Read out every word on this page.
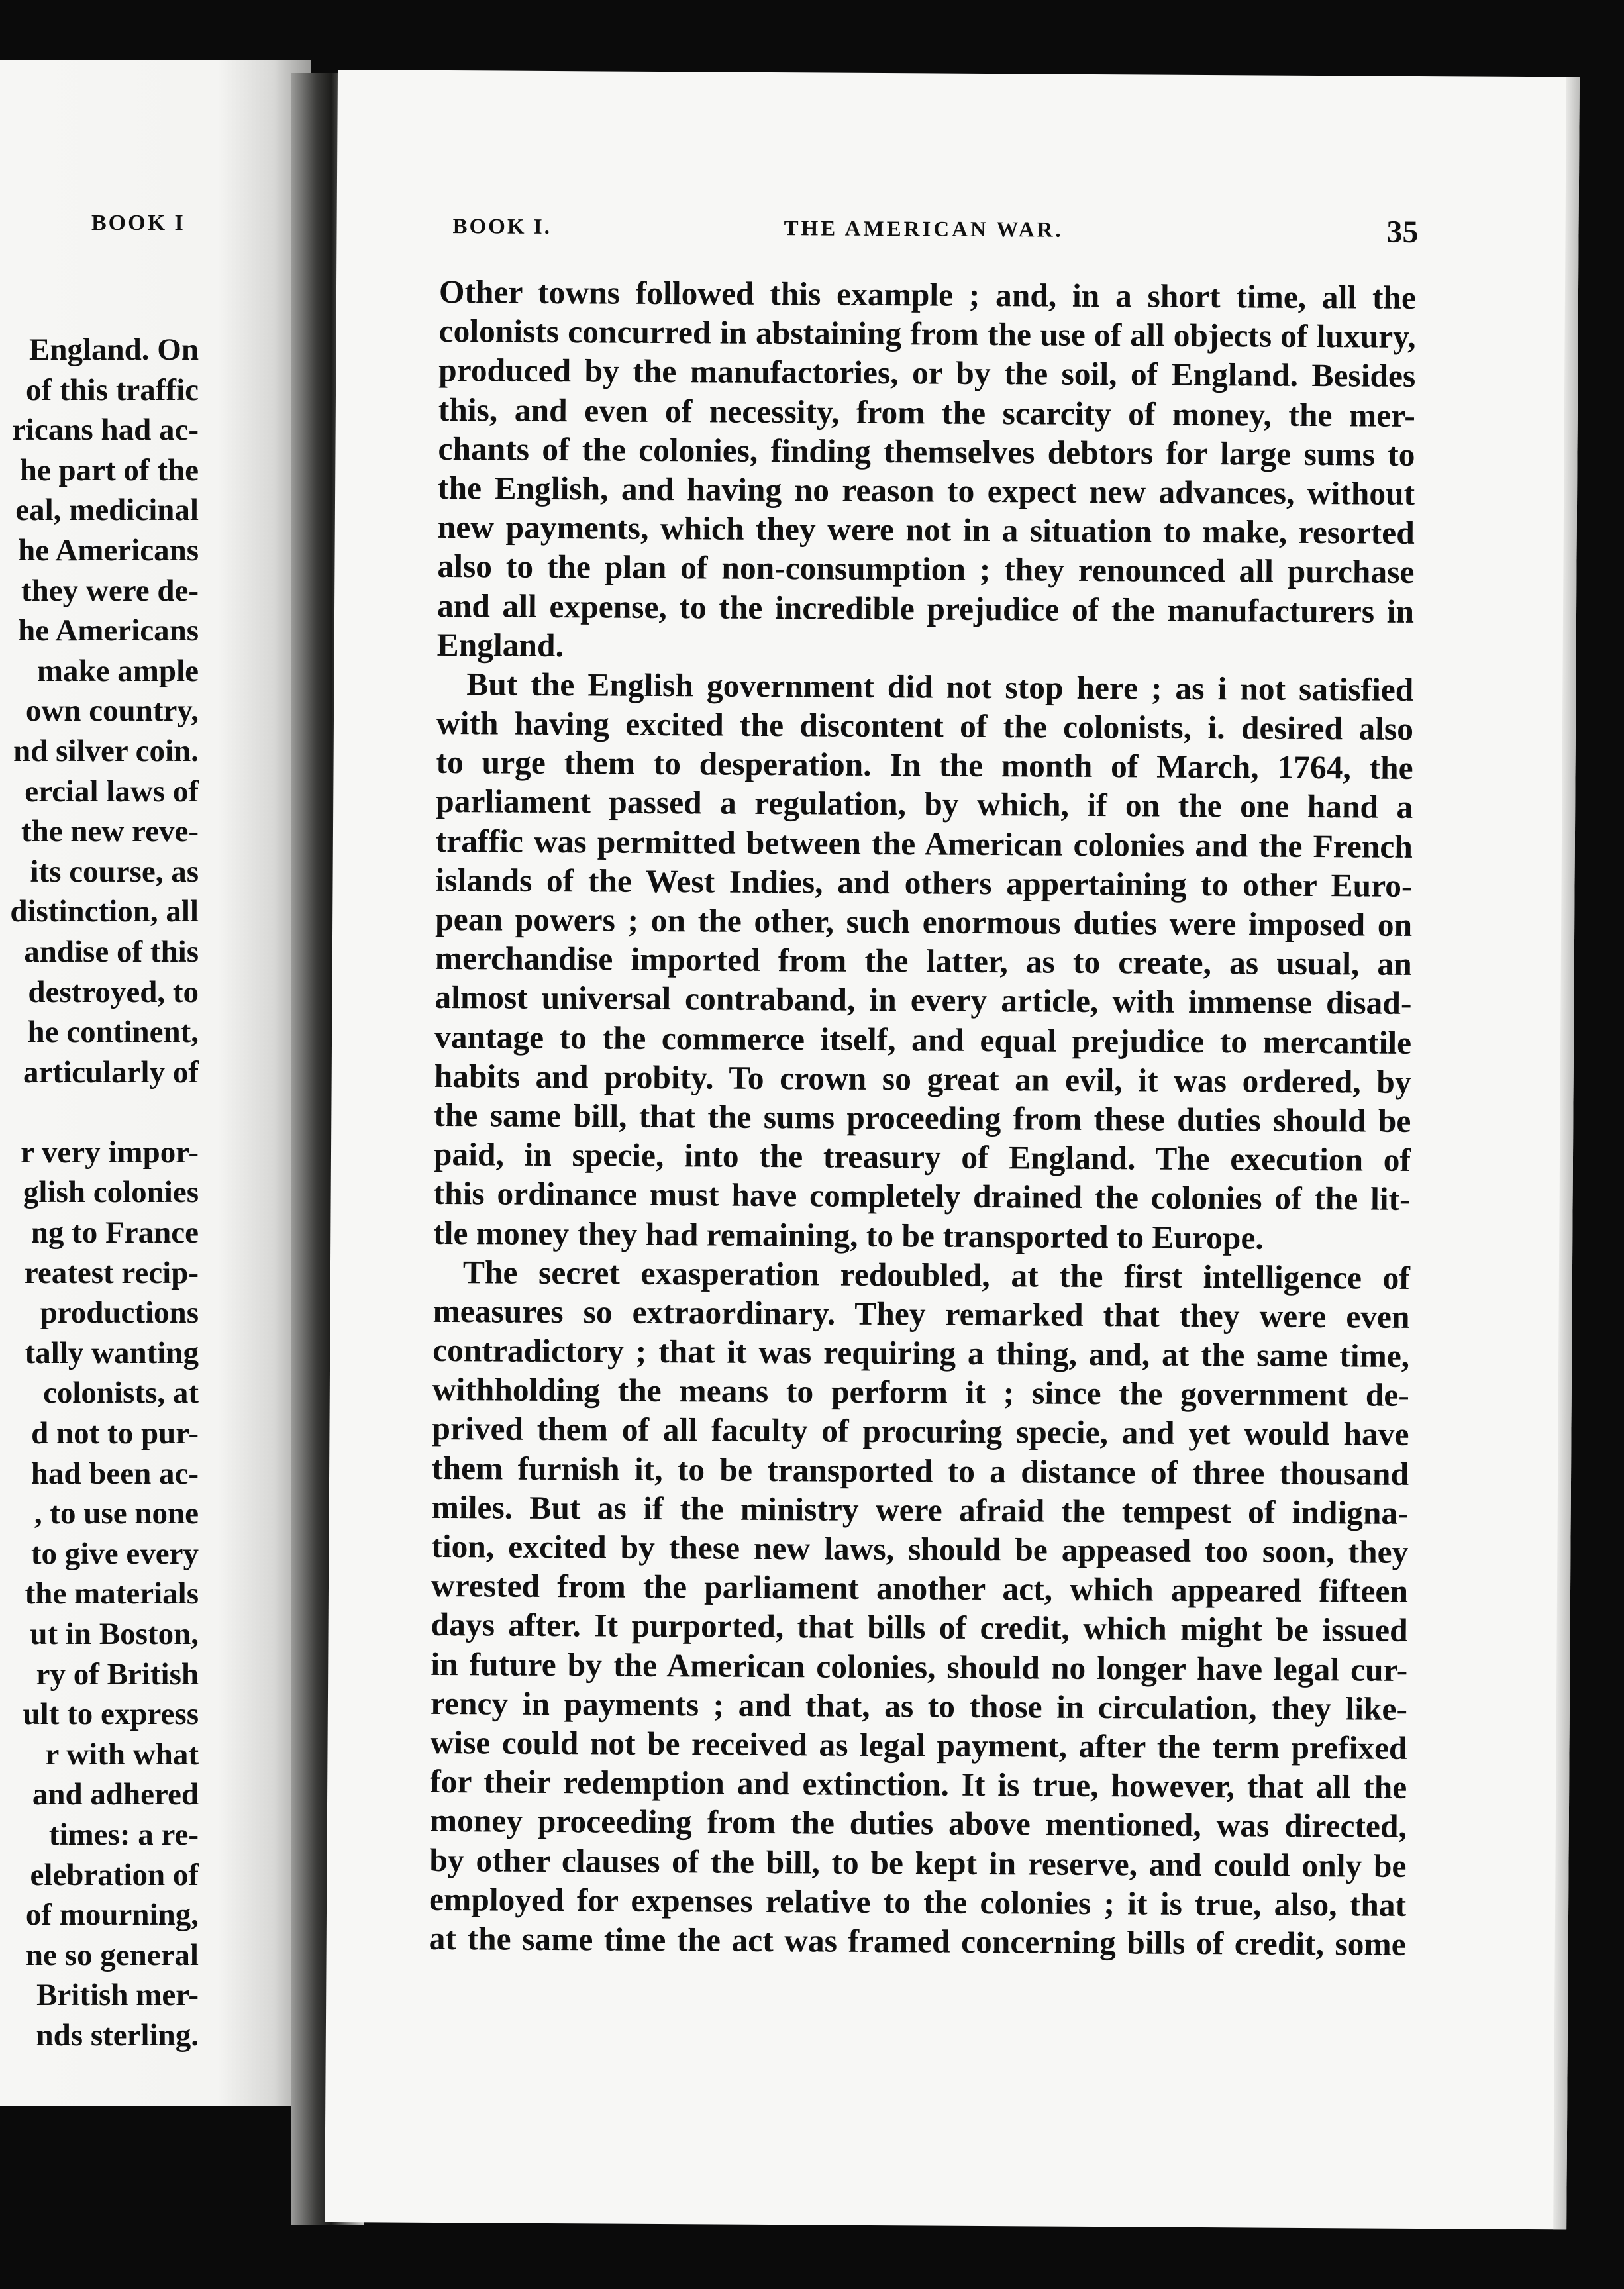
BOOK I
England. On
of this traffic
ricans had ac-
he part of the
eal, medicinal
he Americans
they were de-
he Americans
make ample
own country,
nd silver coin.
ercial laws of
the new reve-
its course, as
distinction, all
andise of this
destroyed, to
he continent,
articularly of
r very impor-
glish colonies
ng to France
reatest recip-
productions
tally wanting
colonists, at
d not to pur-
had been ac-
, to use none
to give every
the materials
ut in Boston,
ry of British
ult to express
r with what
and adhered
times: a re-
elebration of
of mourning,
ne so general
British mer-
nds sterling.
BOOK I.	THE AMERICAN WAR.	35
Other towns followed this example ; and, in a short time, all the
colonists concurred in abstaining from the use of all objects of luxury,
produced by the manufactories, or by the soil, of England. Besides
this, and even of necessity, from the scarcity of money, the mer-
chants of the colonies, finding themselves debtors for large sums to
the English, and having no reason to expect new advances, without
new payments, which they were not in a situation to make, resorted
also to the plan of non-consumption ; they renounced all purchase
and all expense, to the incredible prejudice of the manufacturers in
England.
But the English government did not stop here ; as i not satisfied
with having excited the discontent of the colonists, i. desired also
to urge them to desperation. In the month of March, 1764, the
parliament passed a regulation, by which, if on the one hand a
traffic was permitted between the American colonies and the French
islands of the West Indies, and others appertaining to other Euro-
pean powers ; on the other, such enormous duties were imposed on
merchandise imported from the latter, as to create, as usual, an
almost universal contraband, in every article, with immense disad-
vantage to the commerce itself, and equal prejudice to mercantile
habits and probity. To crown so great an evil, it was ordered, by
the same bill, that the sums proceeding from these duties should be
paid, in specie, into the treasury of England. The execution of
this ordinance must have completely drained the colonies of the lit-
tle money they had remaining, to be transported to Europe.
The secret exasperation redoubled, at the first intelligence of
measures so extraordinary. They remarked that they were even
contradictory ; that it was requiring a thing, and, at the same time,
withholding the means to perform it ; since the government de-
prived them of all faculty of procuring specie, and yet would have
them furnish it, to be transported to a distance of three thousand
miles. But as if the ministry were afraid the tempest of indigna-
tion, excited by these new laws, should be appeased too soon, they
wrested from the parliament another act, which appeared fifteen
days after. It purported, that bills of credit, which might be issued
in future by the American colonies, should no longer have legal cur-
rency in payments ; and that, as to those in circulation, they like-
wise could not be received as legal payment, after the term prefixed
for their redemption and extinction. It is true, however, that all the
money proceeding from the duties above mentioned, was directed,
by other clauses of the bill, to be kept in reserve, and could only be
employed for expenses relative to the colonies ; it is true, also, that
at the same time the act was framed concerning bills of credit, some
